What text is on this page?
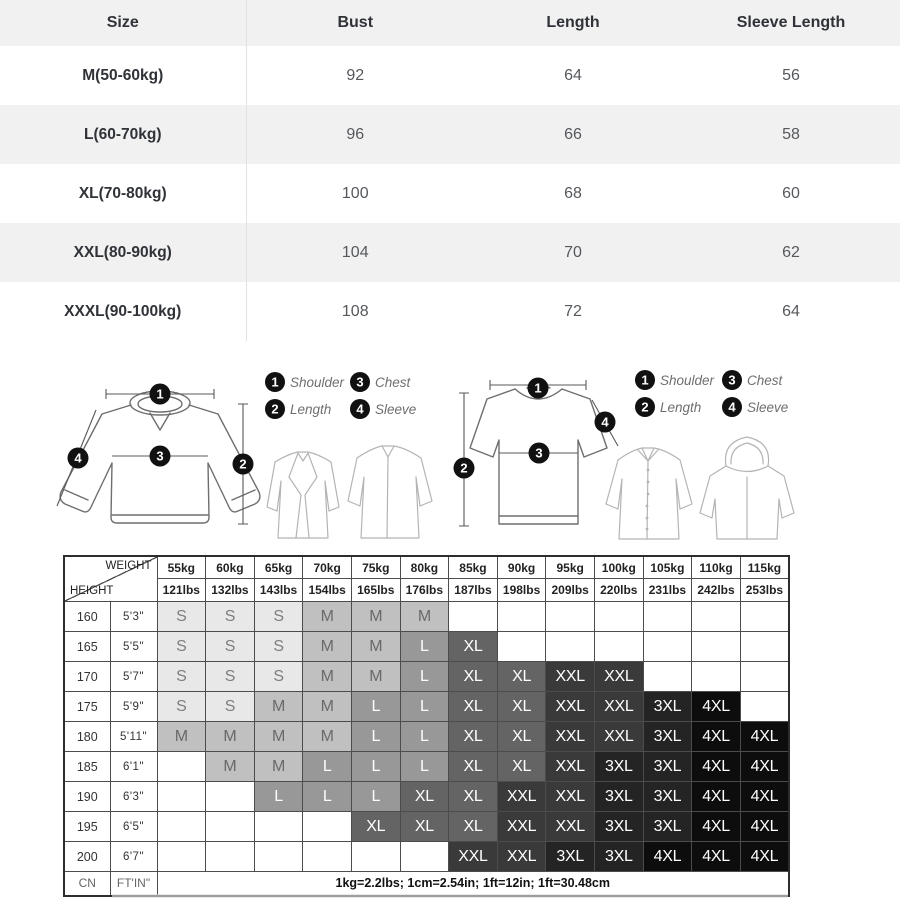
Size	Bust	Length	Sleeve Length
M(50-60kg)	92	64	56
L(60-70kg)	96	66	58
XL(70-80kg)	100	68	60
XXL(80-90kg)	104	70	62
XXXL(90-100kg)	108	72	64
1
3
2
4
1 Shoulder 3 Chest
2 Length 4 Sleeve
1
4
3
2
1 Shoulder 3 Chest
2 Length 4 Sleeve
WEIGHT
HEIGHT		55kg	60kg	65kg	70kg	75kg	80kg	85kg	90kg	95kg	100kg	105kg	110kg	115kg
		121lbs	132lbs	143lbs	154lbs	165lbs	176lbs	187lbs	198lbs	209lbs	220lbs	231lbs	242lbs	253lbs
160	5'3"	S	S	S	M	M	M							
165	5'5"	S	S	S	M	M	L	XL						
170	5'7"	S	S	S	M	M	L	XL	XL	XXL	XXL			
175	5'9"	S	S	M	M	L	L	XL	XL	XXL	XXL	3XL	4XL	
180	5'11"	M	M	M	M	L	L	XL	XL	XXL	XXL	3XL	4XL	4XL
185	6'1"		M	M	L	L	L	XL	XL	XXL	3XL	3XL	4XL	4XL
190	6'3"			L	L	L	XL	XL	XXL	XXL	3XL	3XL	4XL	4XL
195	6'5"					XL	XL	XL	XXL	XXL	3XL	3XL	4XL	4XL
200	6'7"							XXL	XXL	3XL	3XL	4XL	4XL	4XL
CN	FT'IN"	1kg=2.2lbs; 1cm=2.54in; 1ft=12in; 1ft=30.48cm												
